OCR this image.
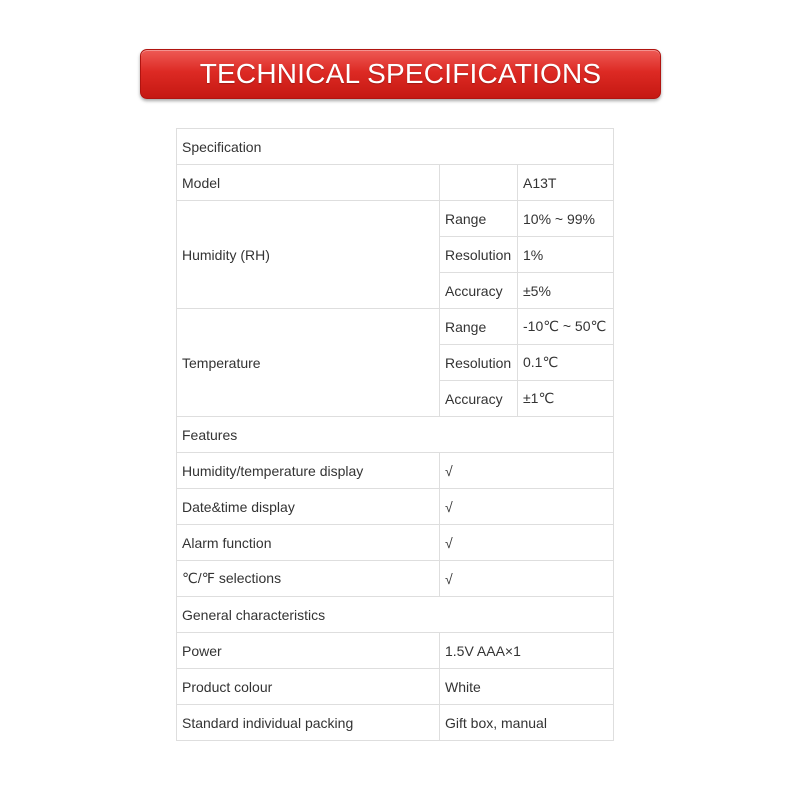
TECHNICAL SPECIFICATIONS
Specification		
Model		A13T
Humidity (RH)	Range	10% ~ 99%
	Resolution	1%
	Accuracy	±5%
Temperature	Range	-10℃ ~ 50℃
	Resolution	0.1℃
	Accuracy	±1℃
Features		
Humidity/temperature display	√	
Date&time display	√	
Alarm function	√	
℃/℉ selections	√	
General characteristics		
Power	1.5V AAA×1	
Product colour	White	
Standard individual packing	Gift box, manual	
